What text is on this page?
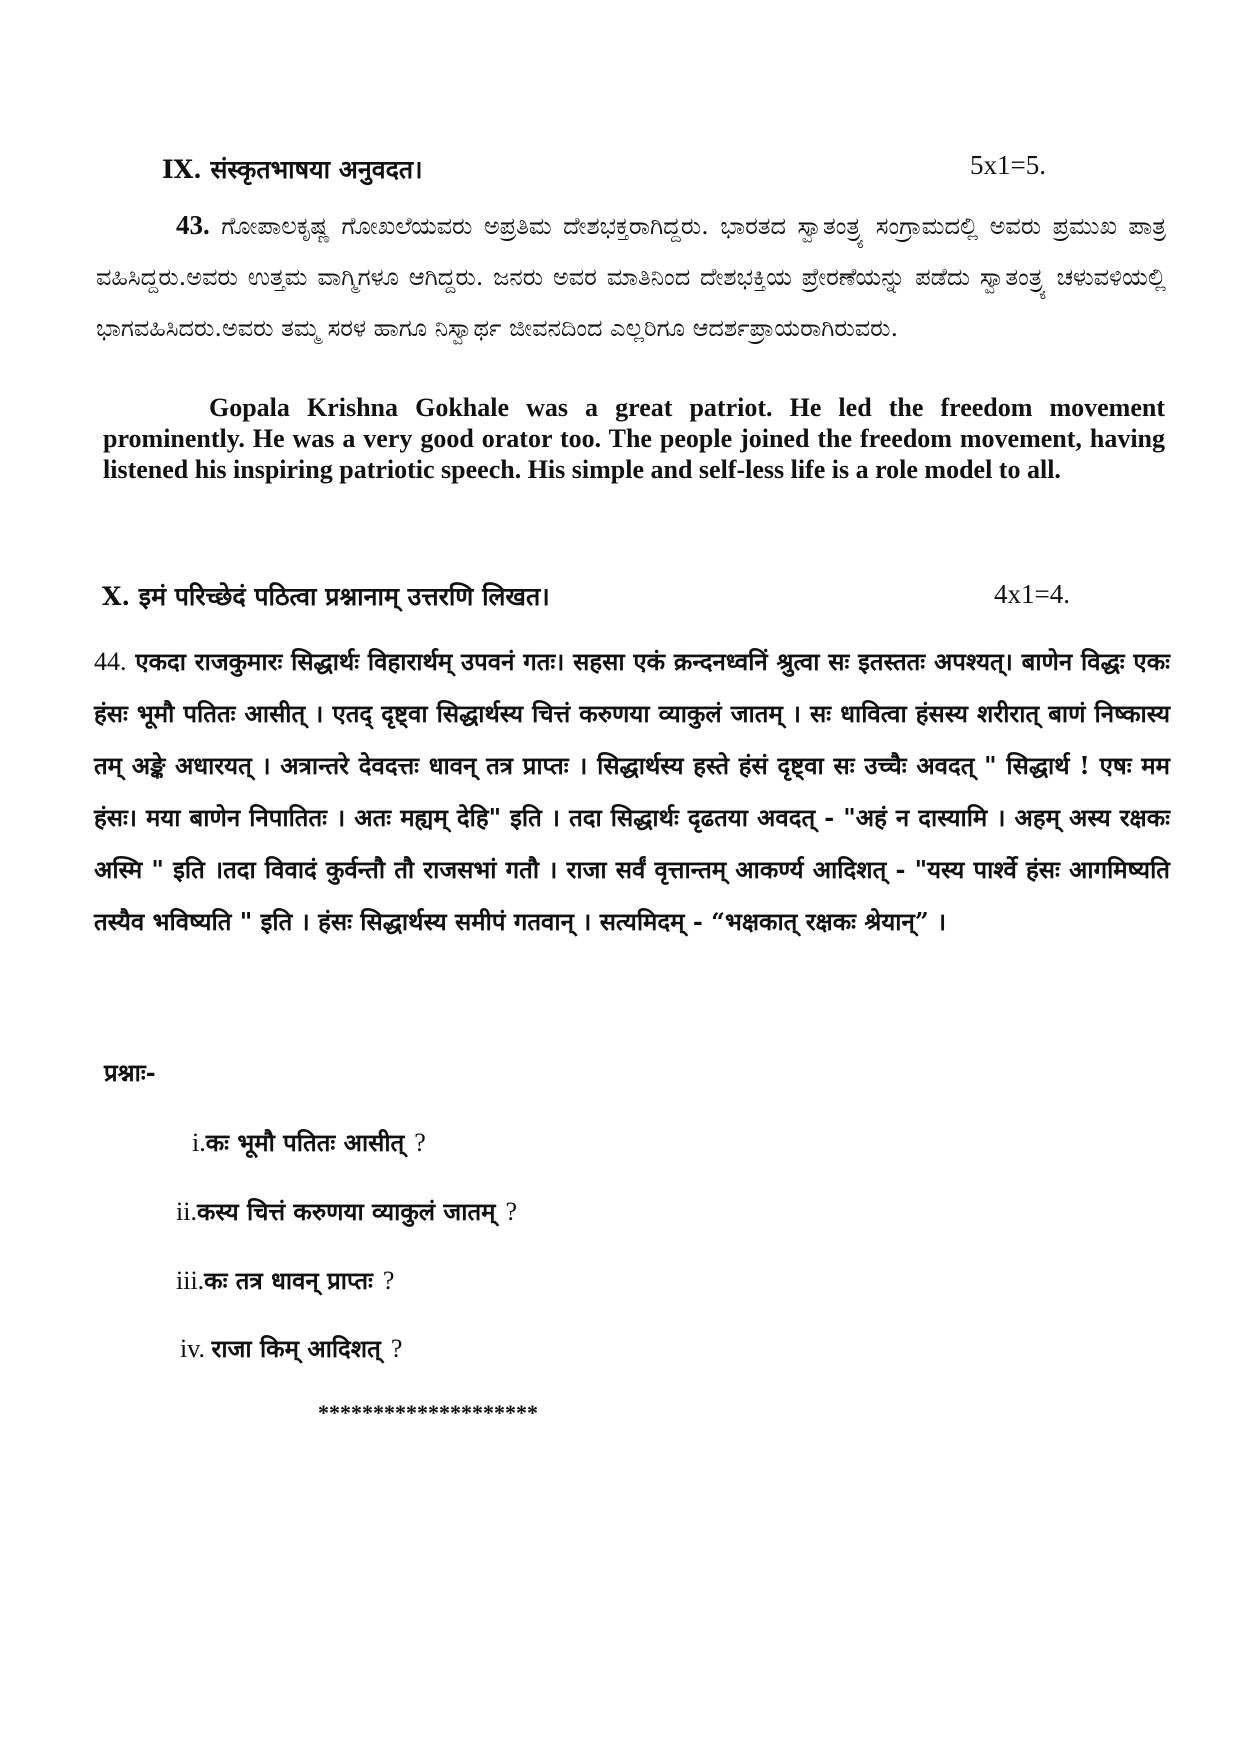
IX. संस्कृतभाषया अनुवदत।	5x1=5.
43. ಗೋಪಾಲಕೃಷ್ಣ ಗೋಖಲೆಯವರು ಅಪ್ರತಿಮ ದೇಶಭಕ್ತರಾಗಿದ್ದರು. ಭಾರತದ ಸ್ವಾತಂತ್ರ್ಯ ಸಂಗ್ರಾಮದಲ್ಲಿ ಅವರು ಪ್ರಮುಖ ಪಾತ್ರ ವಹಿಸಿದ್ದರು.ಅವರು ಉತ್ತಮ ವಾಗ್ಮಿಗಳೂ ಆಗಿದ್ದರು. ಜನರು ಅವರ ಮಾತಿನಿಂದ ದೇಶಭಕ್ತಿಯ ಪ್ರೇರಣೆಯನ್ನು ಪಡೆದು ಸ್ವಾತಂತ್ರ್ಯ ಚಳುವಳಿಯಲ್ಲಿ ಭಾಗವಹಿಸಿದರು.ಅವರು ತಮ್ಮ ಸರಳ ಹಾಗೂ ನಿಸ್ವಾರ್ಥ ಜೀವನದಿಂದ ಎಲ್ಲರಿಗೂ ಆದರ್ಶಪ್ರಾಯರಾಗಿರುವರು.
Gopala Krishna Gokhale was a great patriot. He led the freedom movement prominently. He was a very good orator too. The people joined the freedom movement, having listened his inspiring patriotic speech. His simple and self-less life is a role model to all.
X. इमं परिच्छेदं पठित्वा प्रश्नानाम् उत्तरणि लिखत।	4x1=4.
44. एकदा राजकुमारः सिद्धार्थः विहारार्थम् उपवनं गतः। सहसा एकं क्रन्दनध्वनिं श्रुत्वा सः इतस्ततः अपश्यत्। बाणेन विद्धः एकः हंसः भूमौ पतितः आसीत् । एतद् दृष्ट्वा सिद्धार्थस्य चित्तं करुणया व्याकुलं जातम् । सः धावित्वा हंसस्य शरीरात् बाणं निष्कास्य तम् अङ्के अधारयत् । अत्रान्तरे देवदत्तः धावन् तत्र प्राप्तः । सिद्धार्थस्य हस्ते हंसं दृष्ट्वा सः उच्चैः अवदत् " सिद्धार्थ ! एषः मम हंसः। मया बाणेन निपातितः । अतः मह्यम् देहि" इति । तदा सिद्धार्थः दृढतया अवदत् - "अहं न दास्यामि । अहम् अस्य रक्षकः अस्मि " इति ।तदा विवादं कुर्वन्तौ तौ राजसभां गतौ । राजा सर्वं वृत्तान्तम् आकर्ण्य आदिशत् - "यस्य पार्श्वे हंसः आगमिष्यति तस्यैव भविष्यति " इति । हंसः सिद्धार्थस्य समीपं गतवान् । सत्यमिदम् - “भक्षकात् रक्षकः श्रेयान्” ।
प्रश्नाः-
i.कः भूमौ पतितः आसीत् ?
ii.कस्य चित्तं करुणया व्याकुलं जातम् ?
iii.कः तत्र धावन् प्राप्तः ?
iv. राजा किम् आदिशत् ?
********************
